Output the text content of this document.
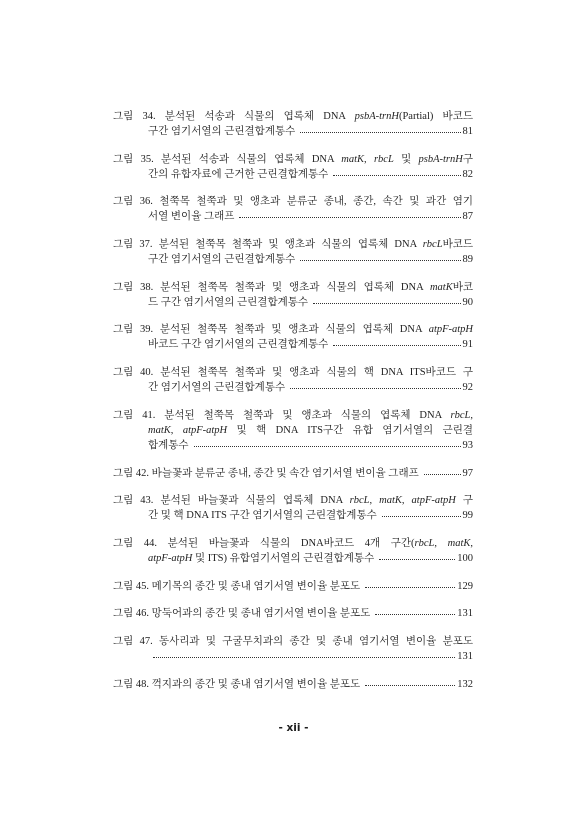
그림 34. 분석된 석송과 식물의 엽록체 DNA psbA-trnH(Partial) 바코드
구간 염기서열의 근린결합계통수	81
그림 35. 분석된 석송과 식물의 엽록체 DNA matK, rbcL 및 psbA-trnH구
간의 유합자료에 근거한 근린결합계통수	82
그림 36. 철쭉목 철쭉과 및 앵초과 분류군 종내, 종간, 속간 및 과간 염기
서열 변이율 그래프	87
그림 37. 분석된 철쭉목 철쭉과 및 앵초과 식물의 엽록체 DNA rbcL바코드
구간 염기서열의 근린결합계통수	89
그림 38. 분석된 철쭉목 철쭉과 및 앵초과 식물의 엽록체 DNA matK바코
드 구간 염기서열의 근린결합계통수	90
그림 39. 분석된 철쭉목 철쭉과 및 앵초과 식물의 엽록체 DNA atpF-atpH
바코드 구간 염기서열의 근린결합계통수	91
그림 40. 분석된 철쭉목 철쭉과 및 앵초과 식물의 핵 DNA ITS바코드 구
간 염기서열의 근린결합계통수	92
그림 41. 분석된 철쭉목 철쭉과 및 앵초과 식물의 엽록체 DNA rbcL,
matK, atpF-atpH 및 핵 DNA ITS구간 유합 염기서열의 근린결
합계통수	93
그림 42. 바늘꽃과 분류군 종내, 종간 및 속간 염기서열 변이율 그래프	97
그림 43. 분석된 바늘꽃과 식물의 엽록체 DNA rbcL, matK, atpF-atpH 구
간 및 핵 DNA ITS 구간 염기서열의 근린결합계통수	99
그림 44. 분석된 바늘꽃과 식물의 DNA바코드 4개 구간(rbcL, matK,
atpF-atpH 및 ITS) 유합염기서열의 근린결합계통수	100
그림 45. 메기목의 종간 및 종내 염기서열 변이율 분포도	129
그림 46. 망둑어과의 종간 및 종내 염기서열 변이율 분포도	131
그림 47. 동사리과 및 구굴무치과의 종간 및 종내 염기서열 변이율 분포도
131
그림 48. 꺽지과의 종간 및 종내 염기서열 변이율 분포도	132
- xii -
